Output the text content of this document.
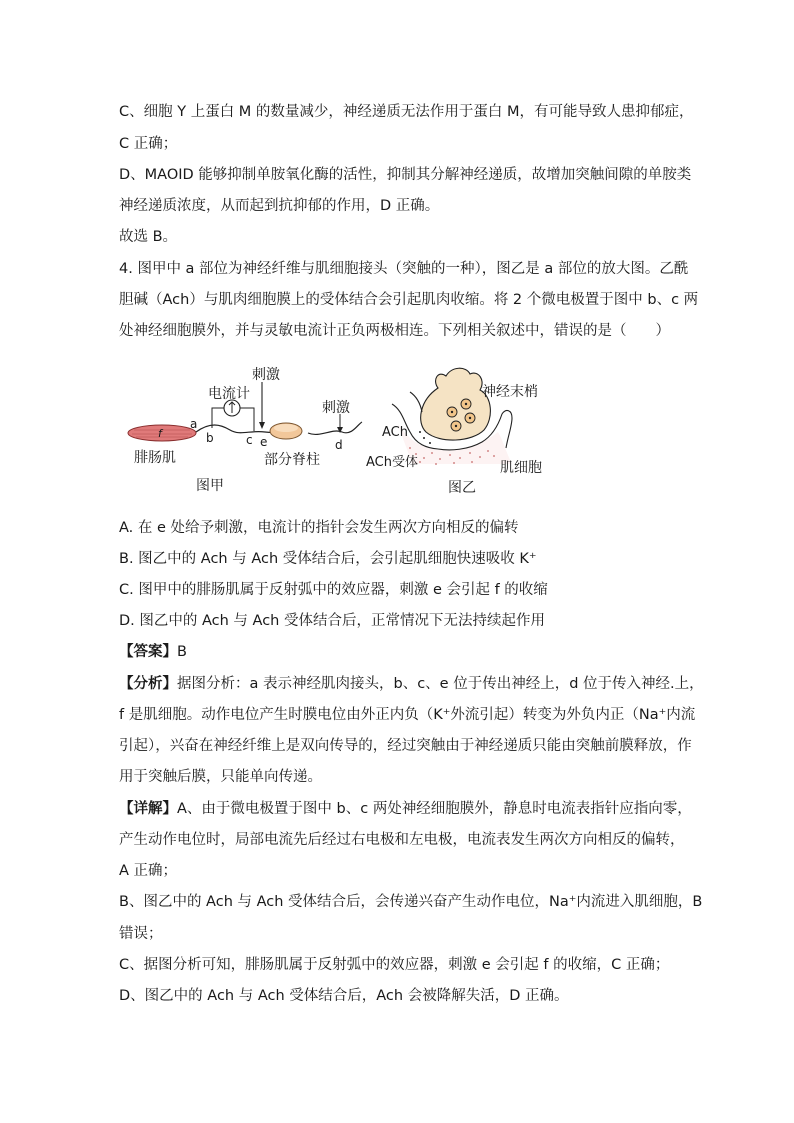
C、细胞 Y 上蛋白 M 的数量减少，神经递质无法作用于蛋白 M，有可能导致人患抑郁症，
C 正确；
D、MAOID 能够抑制单胺氧化酶的活性，抑制其分解神经递质，故增加突触间隙的单胺类
神经递质浓度，从而起到抗抑郁的作用，D 正确。
故选 B。
4. 图甲中 a 部位为神经纤维与肌细胞接头（突触的一种），图乙是 a 部位的放大图。乙酰
胆碱（Ach）与肌肉细胞膜上的受体结合会引起肌肉收缩。将 2 个微电极置于图中 b、c 两
处神经细胞膜外，并与灵敏电流计正负两极相连。下列相关叙述中，错误的是（　　）
f
刺激
刺激
电流计
a
b	c e	d
腓肠肌	部分脊柱
图甲
神经末梢
ACh
ACh受体	肌细胞
图乙
A. 在 e 处给予刺激，电流计的指针会发生两次方向相反的偏转
B. 图乙中的 Ach 与 Ach 受体结合后，会引起肌细胞快速吸收 K⁺
C. 图甲中的腓肠肌属于反射弧中的效应器，刺激 e 会引起 f 的收缩
D. 图乙中的 Ach 与 Ach 受体结合后，正常情况下无法持续起作用
【答案】B
【分析】据图分析：a 表示神经肌肉接头，b、c、e 位于传出神经上，d 位于传入神经.上，
f 是肌细胞。动作电位产生时膜电位由外正内负（K⁺外流引起）转变为外负内正（Na⁺内流
引起），兴奋在神经纤维上是双向传导的，经过突触由于神经递质只能由突触前膜释放，作
用于突触后膜，只能单向传递。
【详解】A、由于微电极置于图中 b、c 两处神经细胞膜外，静息时电流表指针应指向零，
产生动作电位时，局部电流先后经过右电极和左电极，电流表发生两次方向相反的偏转，
A 正确；
B、图乙中的 Ach 与 Ach 受体结合后，会传递兴奋产生动作电位，Na⁺内流进入肌细胞，B
错误；
C、据图分析可知，腓肠肌属于反射弧中的效应器，刺激 e 会引起 f 的收缩，C 正确；
D、图乙中的 Ach 与 Ach 受体结合后，Ach 会被降解失活，D 正确。
